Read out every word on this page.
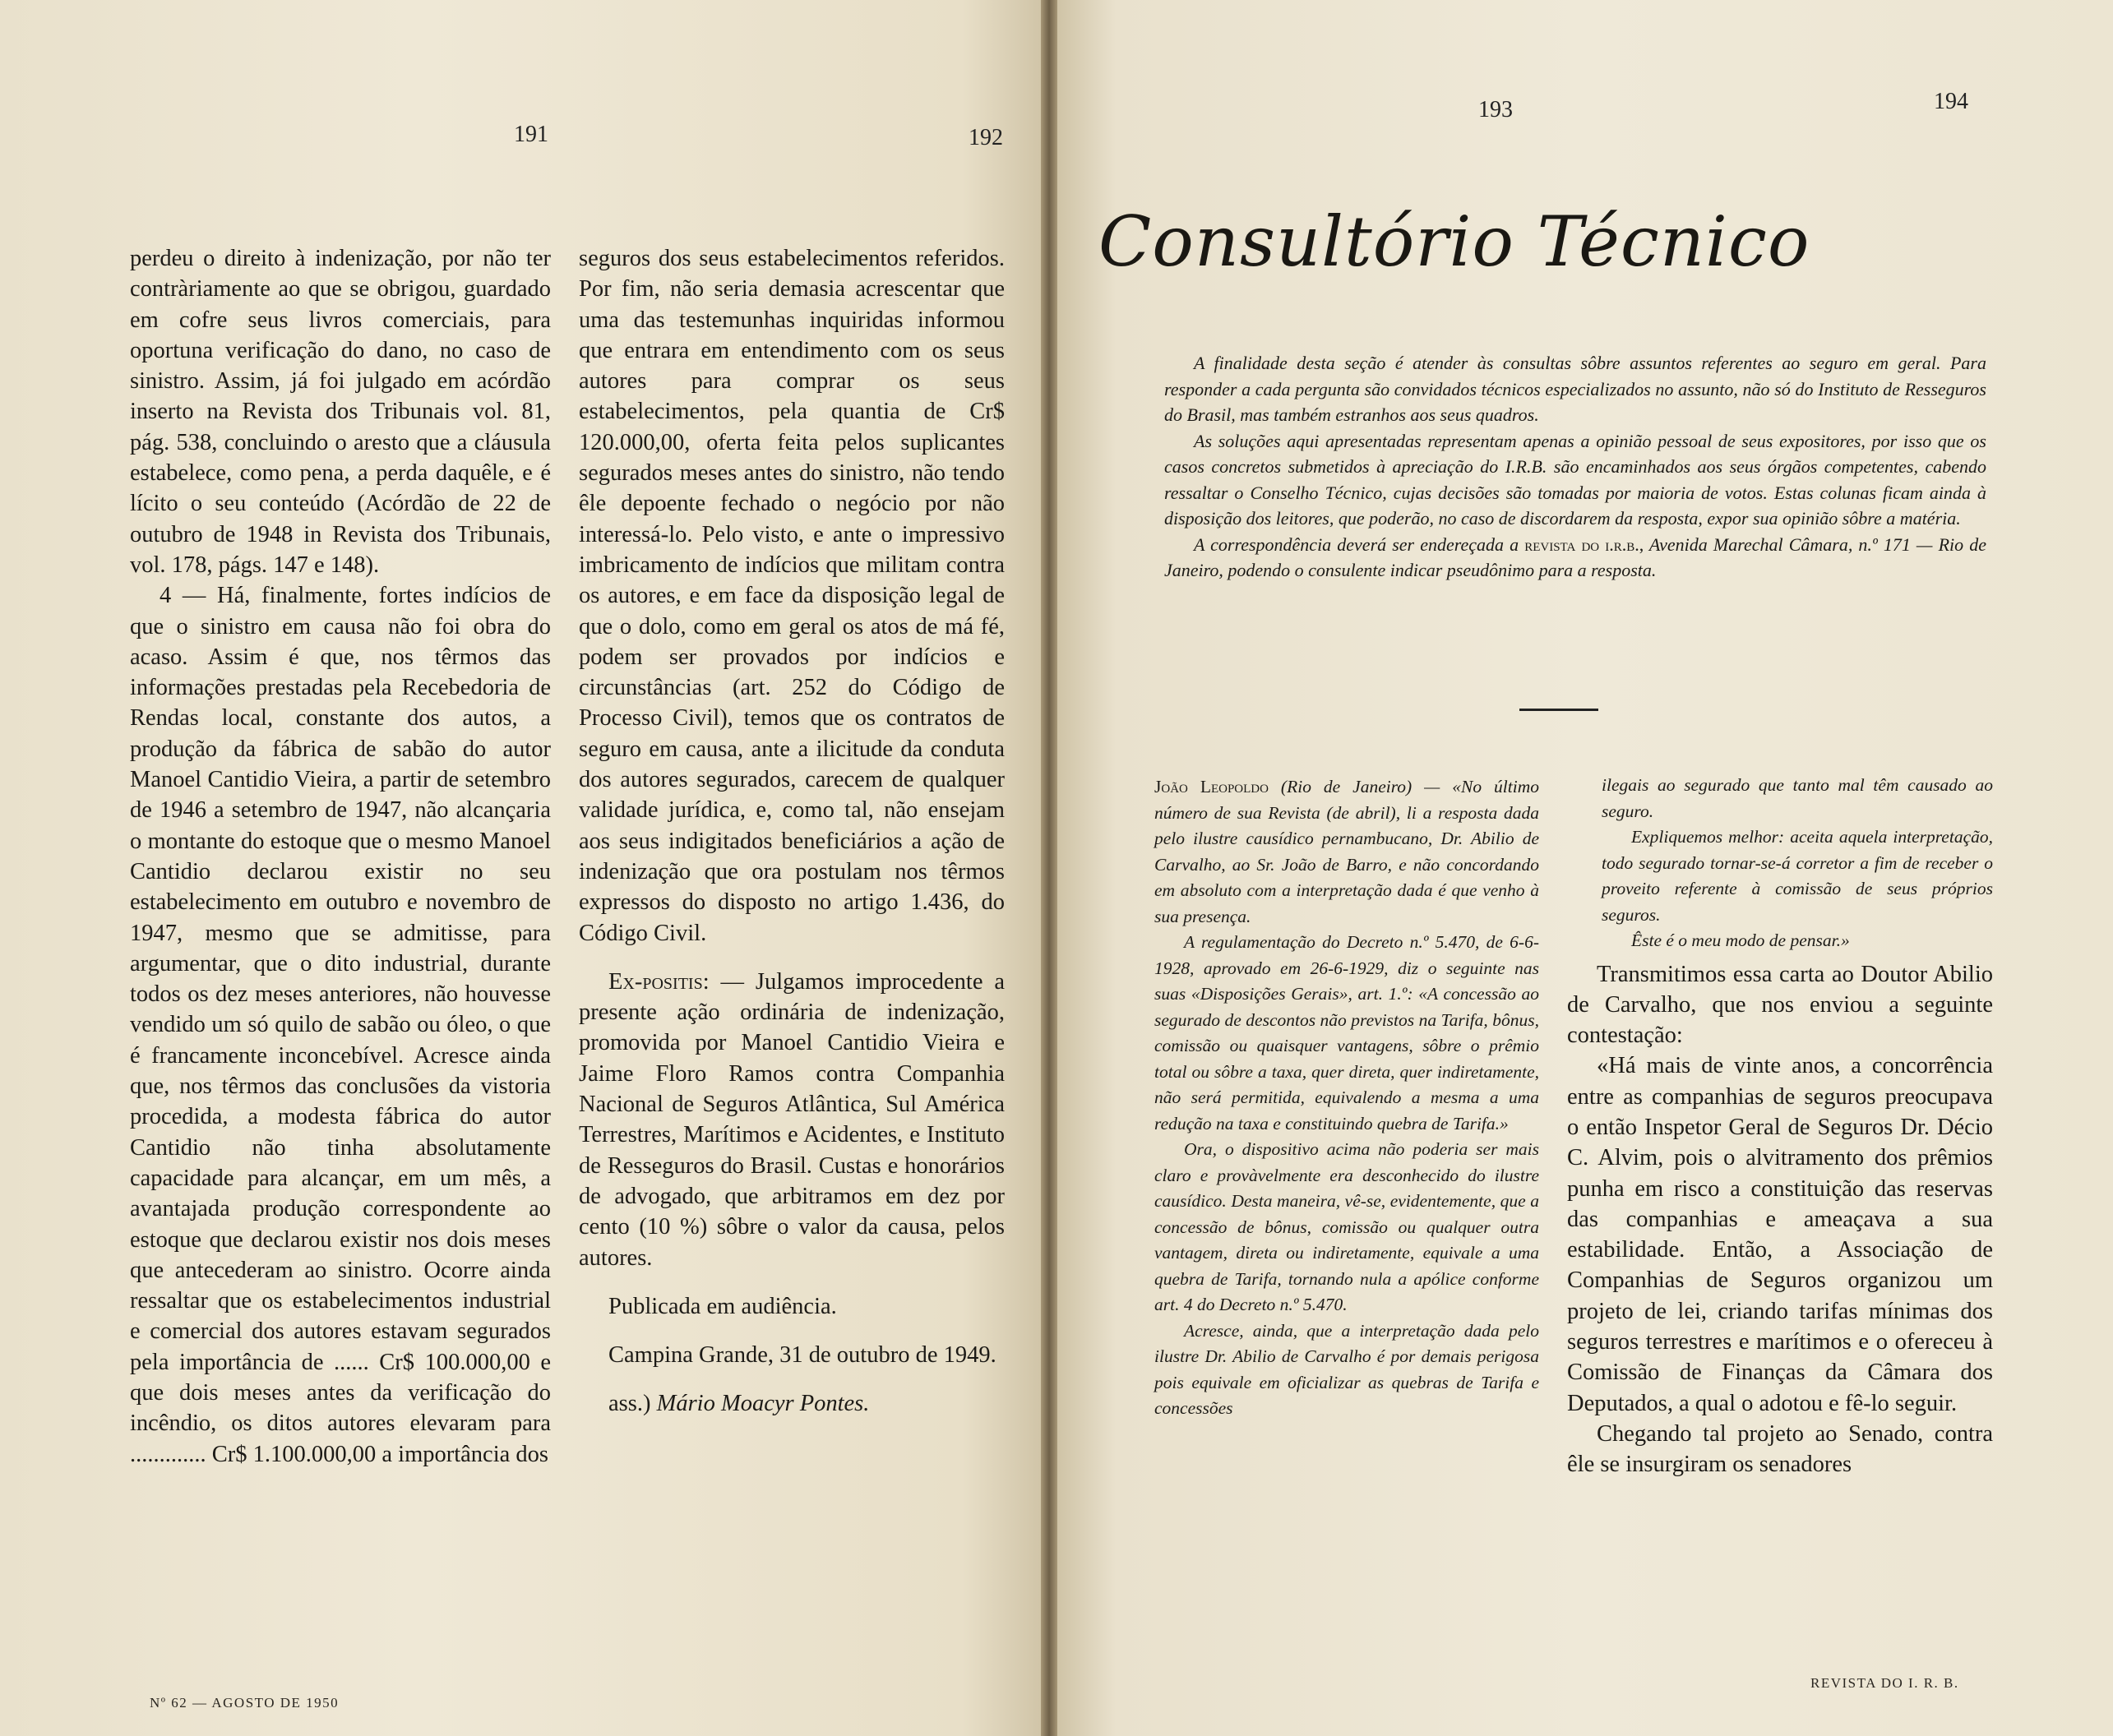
191	192

perdeu o direito à indenização, por não ter contràriamente ao que se obrigou, guardado em cofre seus livros comerciais, para oportuna verificação do dano, no caso de sinistro. Assim, já foi julgado em acórdão inserto na Revista dos Tribunais vol. 81, pág. 538, concluindo o aresto que a cláusula estabelece, como pena, a perda daquêle, e é lícito o seu conteúdo (Acórdão de 22 de outubro de 1948 in Revista dos Tribunais, vol. 178, págs. 147 e 148).

4 — Há, finalmente, fortes indícios de que o sinistro em causa não foi obra do acaso. Assim é que, nos têrmos das informações prestadas pela Recebedoria de Rendas local, constante dos autos, a produção da fábrica de sabão do autor Manoel Cantidio Vieira, a partir de setembro de 1946 a setembro de 1947, não alcançaria o montante do estoque que o mesmo Manoel Cantidio declarou existir no seu estabelecimento em outubro e novembro de 1947, mesmo que se admitisse, para argumentar, que o dito industrial, durante todos os dez meses anteriores, não houvesse vendido um só quilo de sabão ou óleo, o que é francamente inconcebível. Acresce ainda que, nos têrmos das conclusões da vistoria procedida, a modesta fábrica do autor Cantidio não tinha absolutamente capacidade para alcançar, em um mês, a avantajada produção correspondente ao estoque que declarou existir nos dois meses que antecederam ao sinistro. Ocorre ainda ressaltar que os estabelecimentos industrial e comercial dos autores estavam segurados pela importância de ...... Cr$ 100.000,00 e que dois meses antes da verificação do incêndio, os ditos autores elevaram para ............. Cr$ 1.100.000,00 a importância dos

seguros dos seus estabelecimentos referidos. Por fim, não seria demasia acrescentar que uma das testemunhas inquiridas informou que entrara em entendimento com os seus autores para comprar os seus estabelecimentos, pela quantia de Cr$ 120.000,00, oferta feita pelos suplicantes segurados meses antes do sinistro, não tendo êle depoente fechado o negócio por não interessá-lo. Pelo visto, e ante o impressivo imbricamento de indícios que militam contra os autores, e em face da disposição legal de que o dolo, como em geral os atos de má fé, podem ser provados por indícios e circunstâncias (art. 252 do Código de Processo Civil), temos que os contratos de seguro em causa, ante a ilicitude da conduta dos autores segurados, carecem de qualquer validade jurídica, e, como tal, não ensejam aos seus indigitados beneficiários a ação de indenização que ora postulam nos têrmos expressos do disposto no artigo 1.436, do Código Civil.

Ex-positis: — Julgamos improcedente a presente ação ordinária de indenização, promovida por Manoel Cantidio Vieira e Jaime Floro Ramos contra Companhia Nacional de Seguros Atlântica, Sul América Terrestres, Marítimos e Acidentes, e Instituto de Resseguros do Brasil. Custas e honorários de advogado, que arbitramos em dez por cento (10 %) sôbre o valor da causa, pelos autores.

Publicada em audiência.

Campina Grande, 31 de outubro de 1949.

ass.) Mário Moacyr Pontes.

Nº 62 — AGOSTO DE 1950
193	194
Consultório Técnico

A finalidade desta seção é atender às consultas sôbre assuntos referentes ao seguro em geral. Para responder a cada pergunta são convidados técnicos especializados no assunto, não só do Instituto de Resseguros do Brasil, mas também estranhos aos seus quadros.

As soluções aqui apresentadas representam apenas a opinião pessoal de seus expositores, por isso que os casos concretos submetidos à apreciação do I.R.B. são encaminhados aos seus órgãos competentes, cabendo ressaltar o Conselho Técnico, cujas decisões são tomadas por maioria de votos. Estas colunas ficam ainda à disposição dos leitores, que poderão, no caso de discordarem da resposta, expor sua opinião sôbre a matéria.

A correspondência deverá ser endereçada a revista do i.r.b., Avenida Marechal Câmara, n.º 171 — Rio de Janeiro, podendo o consulente indicar pseudônimo para a resposta.

João Leopoldo (Rio de Janeiro) — «No último número de sua Revista (de abril), li a resposta dada pelo ilustre causídico pernambucano, Dr. Abilio de Carvalho, ao Sr. João de Barro, e não concordando em absoluto com a interpretação dada é que venho à sua presença.

A regulamentação do Decreto n.º 5.470, de 6-6-1928, aprovado em 26-6-1929, diz o seguinte nas suas «Disposições Gerais», art. 1.º: «A concessão ao segurado de descontos não previstos na Tarifa, bônus, comissão ou quaisquer vantagens, sôbre o prêmio total ou sôbre a taxa, quer direta, quer indiretamente, não será permitida, equivalendo a mesma a uma redução na taxa e constituindo quebra de Tarifa.»

Ora, o dispositivo acima não poderia ser mais claro e provàvelmente era desconhecido do ilustre causídico. Desta maneira, vê-se, evidentemente, que a concessão de bônus, comissão ou qualquer outra vantagem, direta ou indiretamente, equivale a uma quebra de Tarifa, tornando nula a apólice conforme art. 4 do Decreto n.º 5.470.

Acresce, ainda, que a interpretação dada pelo ilustre Dr. Abilio de Carvalho é por demais perigosa pois equivale em oficializar as quebras de Tarifa e concessões

ilegais ao segurado que tanto mal têm causado ao seguro.

Expliquemos melhor: aceita aquela interpretação, todo segurado tornar-se-á corretor a fim de receber o proveito referente à comissão de seus próprios seguros.

Êste é o meu modo de pensar.»

Transmitimos essa carta ao Doutor Abilio de Carvalho, que nos enviou a seguinte contestação:

«Há mais de vinte anos, a concorrência entre as companhias de seguros preocupava o então Inspetor Geral de Seguros Dr. Décio C. Alvim, pois o alvitramento dos prêmios punha em risco a constituição das reservas das companhias e ameaçava a sua estabilidade. Então, a Associação de Companhias de Seguros organizou um projeto de lei, criando tarifas mínimas dos seguros terrestres e marítimos e o ofereceu à Comissão de Finanças da Câmara dos Deputados, a qual o adotou e fê-lo seguir.

Chegando tal projeto ao Senado, contra êle se insurgiram os senadores

REVISTA DO I. R. B.
